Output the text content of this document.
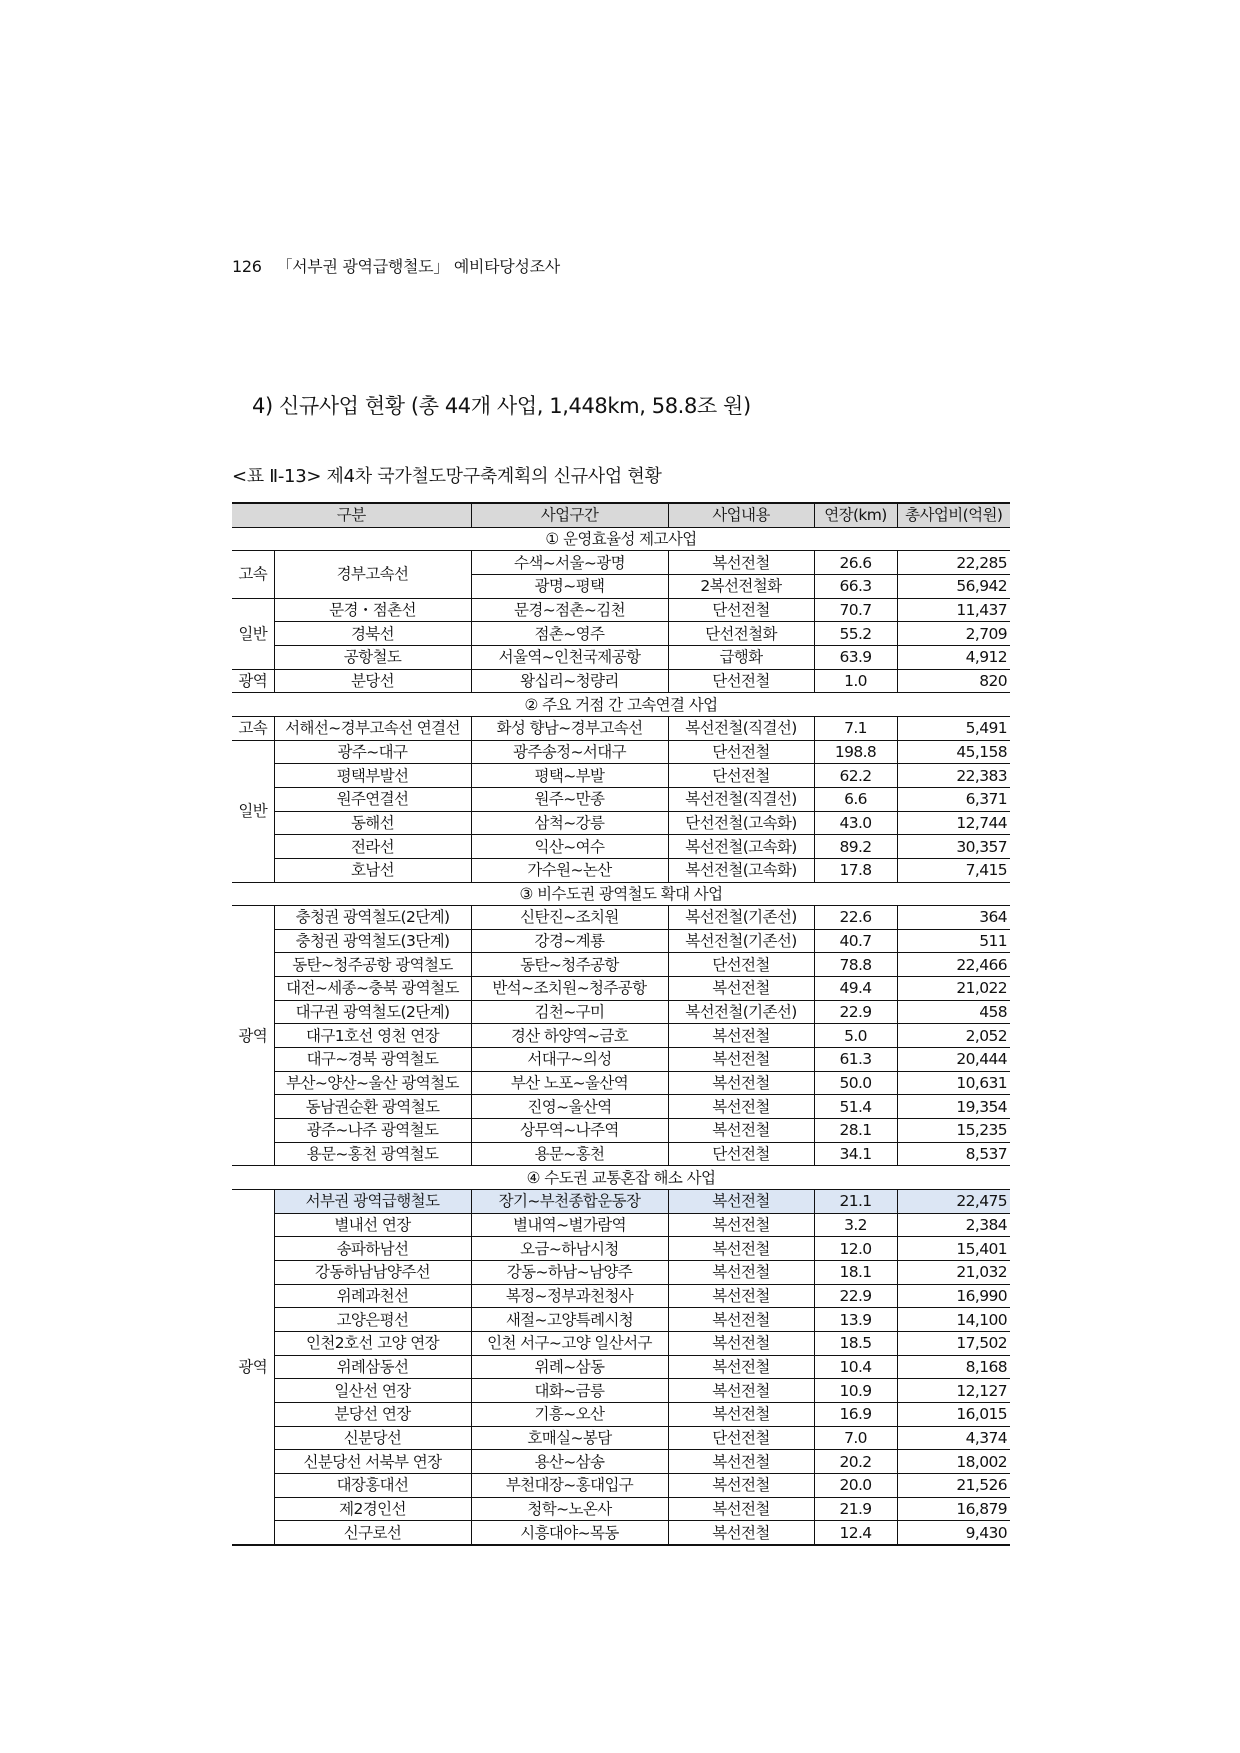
126 「서부권 광역급행철도」 예비타당성조사
4) 신규사업 현황 (총 44개 사업, 1,448km, 58.8조 원)
<표 Ⅱ-13> 제4차 국가철도망구축계획의 신규사업 현황
구분		사업구간	사업내용	연장(km)	총사업비(억원)
① 운영효율성 제고사업					
고속	경부고속선	수색~서울~광명	복선전철	26.6	22,285
		광명~평택	2복선전철화	66.3	56,942
일반	문경・점촌선	문경~점촌~김천	단선전철	70.7	11,437
	경북선	점촌~영주	단선전철화	55.2	2,709
	공항철도	서울역~인천국제공항	급행화	63.9	4,912
광역	분당선	왕십리~청량리	단선전철	1.0	820
② 주요 거점 간 고속연결 사업					
고속	서해선~경부고속선 연결선	화성 향남~경부고속선	복선전철(직결선)	7.1	5,491
일반	광주~대구	광주송정~서대구	단선전철	198.8	45,158
	평택부발선	평택~부발	단선전철	62.2	22,383
	원주연결선	원주~만종	복선전철(직결선)	6.6	6,371
	동해선	삼척~강릉	단선전철(고속화)	43.0	12,744
	전라선	익산~여수	복선전철(고속화)	89.2	30,357
	호남선	가수원~논산	복선전철(고속화)	17.8	7,415
③ 비수도권 광역철도 확대 사업					
광역	충청권 광역철도(2단계)	신탄진~조치원	복선전철(기존선)	22.6	364
	충청권 광역철도(3단계)	강경~계룡	복선전철(기존선)	40.7	511
	동탄~청주공항 광역철도	동탄~청주공항	단선전철	78.8	22,466
	대전~세종~충북 광역철도	반석~조치원~청주공항	복선전철	49.4	21,022
	대구권 광역철도(2단계)	김천~구미	복선전철(기존선)	22.9	458
	대구1호선 영천 연장	경산 하양역~금호	복선전철	5.0	2,052
	대구~경북 광역철도	서대구~의성	복선전철	61.3	20,444
	부산~양산~울산 광역철도	부산 노포~울산역	복선전철	50.0	10,631
	동남권순환 광역철도	진영~울산역	복선전철	51.4	19,354
	광주~나주 광역철도	상무역~나주역	복선전철	28.1	15,235
	용문~홍천 광역철도	용문~홍천	단선전철	34.1	8,537
④ 수도권 교통혼잡 해소 사업					
광역	서부권 광역급행철도	장기~부천종합운동장	복선전철	21.1	22,475
	별내선 연장	별내역~별가람역	복선전철	3.2	2,384
	송파하남선	오금~하남시청	복선전철	12.0	15,401
	강동하남남양주선	강동~하남~남양주	복선전철	18.1	21,032
	위례과천선	복정~정부과천청사	복선전철	22.9	16,990
	고양은평선	새절~고양특례시청	복선전철	13.9	14,100
	인천2호선 고양 연장	인천 서구~고양 일산서구	복선전철	18.5	17,502
	위례삼동선	위례~삼동	복선전철	10.4	8,168
	일산선 연장	대화~금릉	복선전철	10.9	12,127
	분당선 연장	기흥~오산	복선전철	16.9	16,015
	신분당선	호매실~봉담	단선전철	7.0	4,374
	신분당선 서북부 연장	용산~삼송	복선전철	20.2	18,002
	대장홍대선	부천대장~홍대입구	복선전철	20.0	21,526
	제2경인선	청학~노온사	복선전철	21.9	16,879
	신구로선	시흥대야~목동	복선전철	12.4	9,430
